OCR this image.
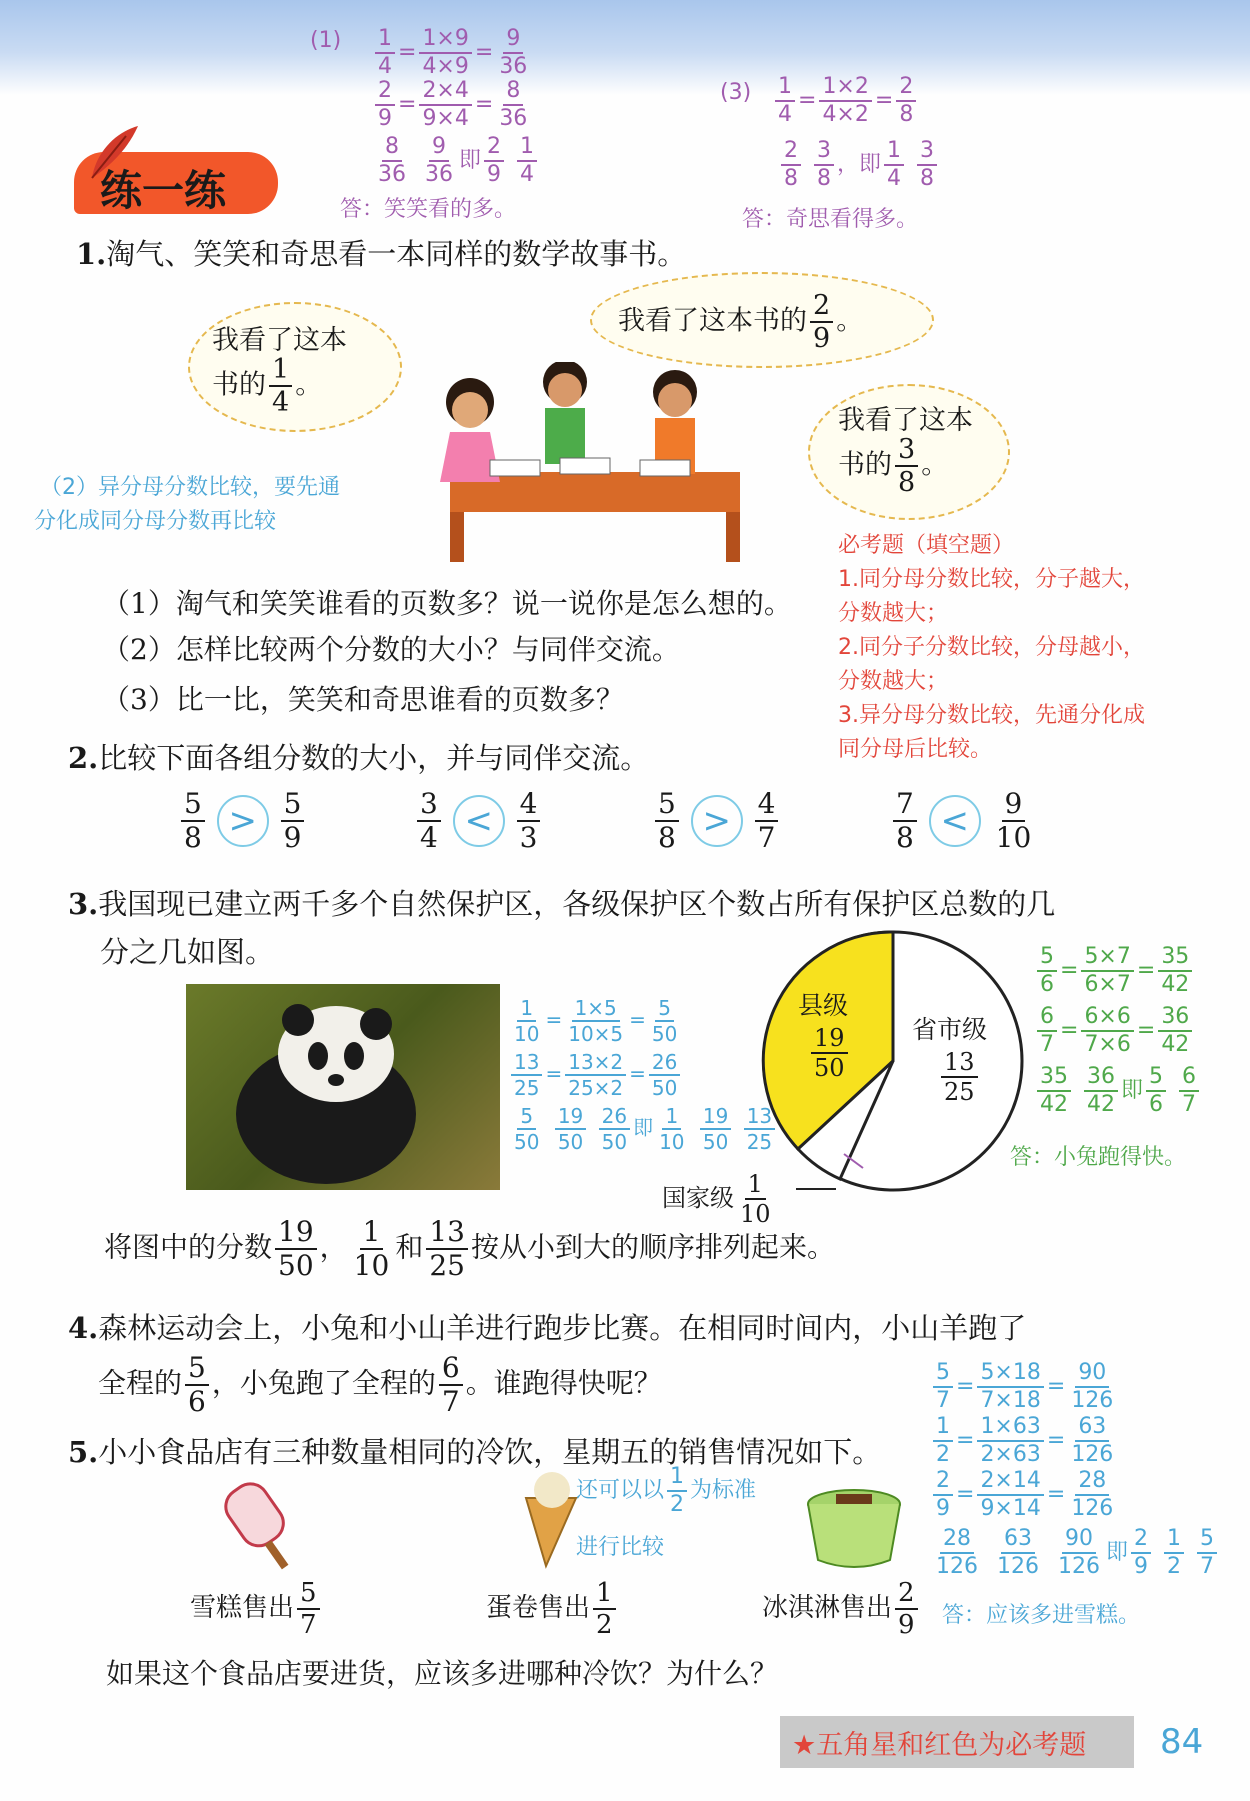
$(1) \frac{1}{4} = \frac{1\times 9}{4\times 9} = \frac{9}{36}$
$\frac{2}{9} = \frac{2\times 4}{9\times 4} = \frac{8}{36}$
$\frac{8}{36}$
$\frac{9}{36}$ 即 $\frac{2}{9}$
$\frac{1}{4}$
答：笑笑看的多。
$(3) \frac{1}{4} = \frac{1\times 2}{4\times 2} = \frac{2}{8}$
$\frac{2}{8}$
$\frac{3}{8}$ ，即 $\frac{1}{4}$
$\frac{3}{8}$
答：奇思看得多。
练一练
1.淘气、笑笑和奇思看一本同样的数学故事书。
我看了这本
书的 $\frac{1}{4}$ 。
我看了这本书的 $\frac{2}{9}$ 。
我看了这本
书的 $\frac{3}{8}$ 。
（2）异分母分数比较，要先通
分化成同分母分数再比较
（1）淘气和笑笑谁看的页数多？说一说你是怎么想的。
（2）怎样比较两个分数的大小？与同伴交流。
（3）比一比，笑笑和奇思谁看的页数多？
必考题（填空题）
1.同分母分数比较，分子越大，
分数越大；
2.同分子分数比较，分母越小，
分数越大；
3.异分母分数比较，先通分化成
同分母后比较。
2.比较下面各组分数的大小，并与同伴交流。
$\frac{5}{8} > \frac{5}{9}$	$\frac{3}{4} < \frac{4}{3}$	$\frac{5}{8} > \frac{4}{7}$	$\frac{7}{8} < \frac{9}{10}$
3.我国现已建立两千多个自然保护区，各级保护区个数占所有保护区总数的几
分之几如图。
$\frac{1}{10} = \frac{1\times 5}{10\times 5} = \frac{5}{50}$
$\frac{13}{25} = \frac{13\times 2}{25\times 2} = \frac{26}{50}$
$\frac{5}{50}$
$\frac{19}{50}$
$\frac{26}{50}$ 即 $\frac{1}{10}$
$\frac{19}{50}$
$\frac{13}{25}$
县级
$\frac{19}{50}$	省市级
$\frac{13}{25}$
国家级 $\frac{1}{10}$
$\frac{5}{6} = \frac{5\times 7}{6\times 7} = \frac{35}{42}$
$\frac{6}{7} = \frac{6\times 6}{7\times 6} = \frac{36}{42}$
$\frac{35}{42}$
$\frac{36}{42}$ 即 $\frac{5}{6}$
$\frac{6}{7}$
答：小兔跑得快。
将图中的分数 $\frac{19}{50}$ ， $\frac{1}{10}$ 和 $\frac{13}{25}$ 按从小到大的顺序排列起来。
4.森林运动会上，小兔和小山羊进行跑步比赛。在相同时间内，小山羊跑了
全程的 $\frac{5}{6}$ ，小兔跑了全程的 $\frac{6}{7}$ 。谁跑得快呢？
5.小小食品店有三种数量相同的冷饮，星期五的销售情况如下。
还可以以 $\frac{1}{2}$ 为标准
进行比较
$\frac{5}{7} = \frac{5\times 18}{7\times 18} = \frac{90}{126}$
$\frac{1}{2} = \frac{1\times 63}{2\times 63} = \frac{63}{126}$
$\frac{2}{9} = \frac{2\times 14}{9\times 14} = \frac{28}{126}$
$\frac{28}{126}$
$\frac{63}{126}$
$\frac{90}{126}$ 即 $\frac{2}{9}$
$\frac{1}{2}$
$\frac{5}{7}$
答：应该多进雪糕。
雪糕售出 $\frac{5}{7}$	蛋卷售出 $\frac{1}{2}$	冰淇淋售出 $\frac{2}{9}$
如果这个食品店要进货，应该多进哪种冷饮？为什么？
★五角星和红色为必考题	84
